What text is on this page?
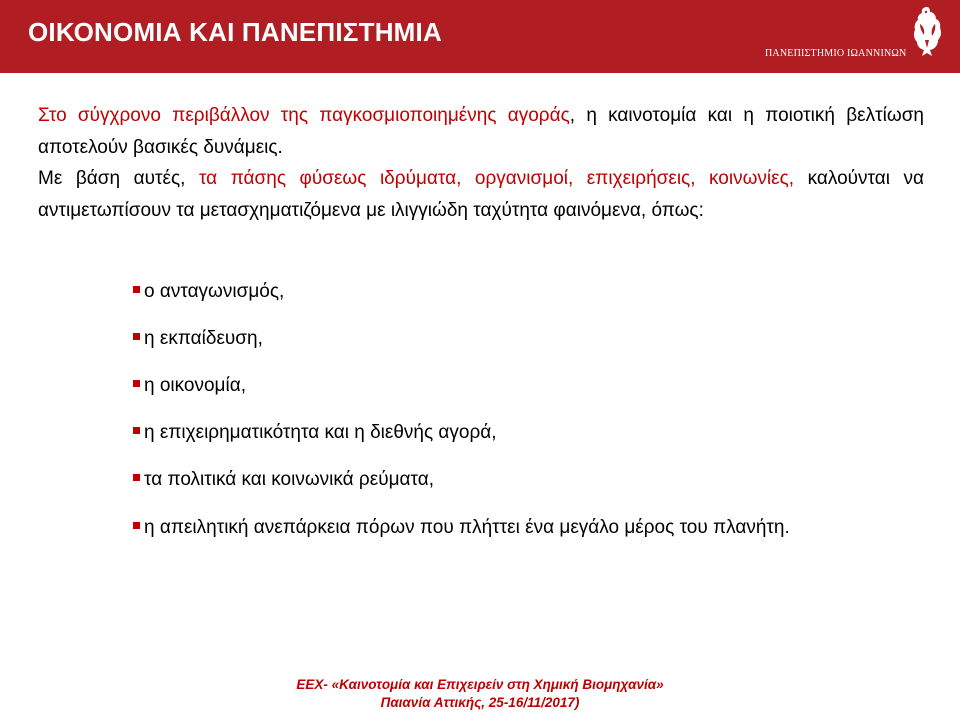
ΟΙΚΟΝΟΜΙΑ ΚΑΙ ΠΑΝΕΠΙΣΤΗΜΙΑ
ΠΑΝΕΠΙΣΤΗΜΙΟ ΙΩΑΝΝΙΝΩΝ
Στο σύγχρονο περιβάλλον της παγκοσμιοποιημένης αγοράς, η καινοτομία και η ποιοτική βελτίωση αποτελούν βασικές δυνάμεις.
Με βάση αυτές, τα πάσης φύσεως ιδρύματα, οργανισμοί, επιχειρήσεις, κοινωνίες, καλούνται να αντιμετωπίσουν τα μετασχηματιζόμενα με ιλιγγιώδη ταχύτητα φαινόμενα, όπως:
ο ανταγωνισμός,
η εκπαίδευση,
η οικονομία,
η επιχειρηματικότητα και η διεθνής αγορά,
τα πολιτικά και κοινωνικά ρεύματα,
η απειλητική ανεπάρκεια πόρων που πλήττει ένα μεγάλο μέρος του πλανήτη.
ΕΕΧ- «Καινοτομία και Επιχειρείν στη Χημική Βιομηχανία»
Παιανία Αττικής, 25-16/11/2017)
